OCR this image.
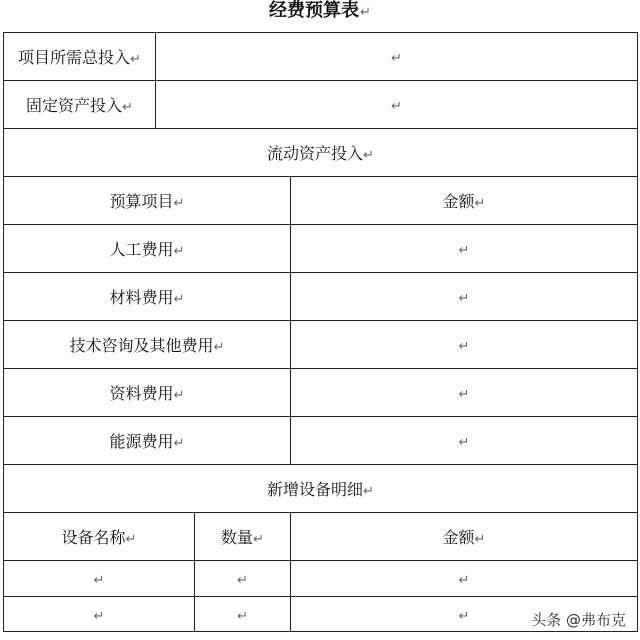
经费预算表↵
项目所需总投入↵	↵		
固定资产投入↵	↵		
流动资产投入↵			
预算项目↵			金额↵
人工费用↵			↵
材料费用↵			↵
技术咨询及其他费用↵			↵
资料费用↵			↵
能源费用↵			↵
新增设备明细↵			
设备名称↵		数量↵	金额↵
↵		↵	↵
↵		↵	↵	头条 @弗布克
